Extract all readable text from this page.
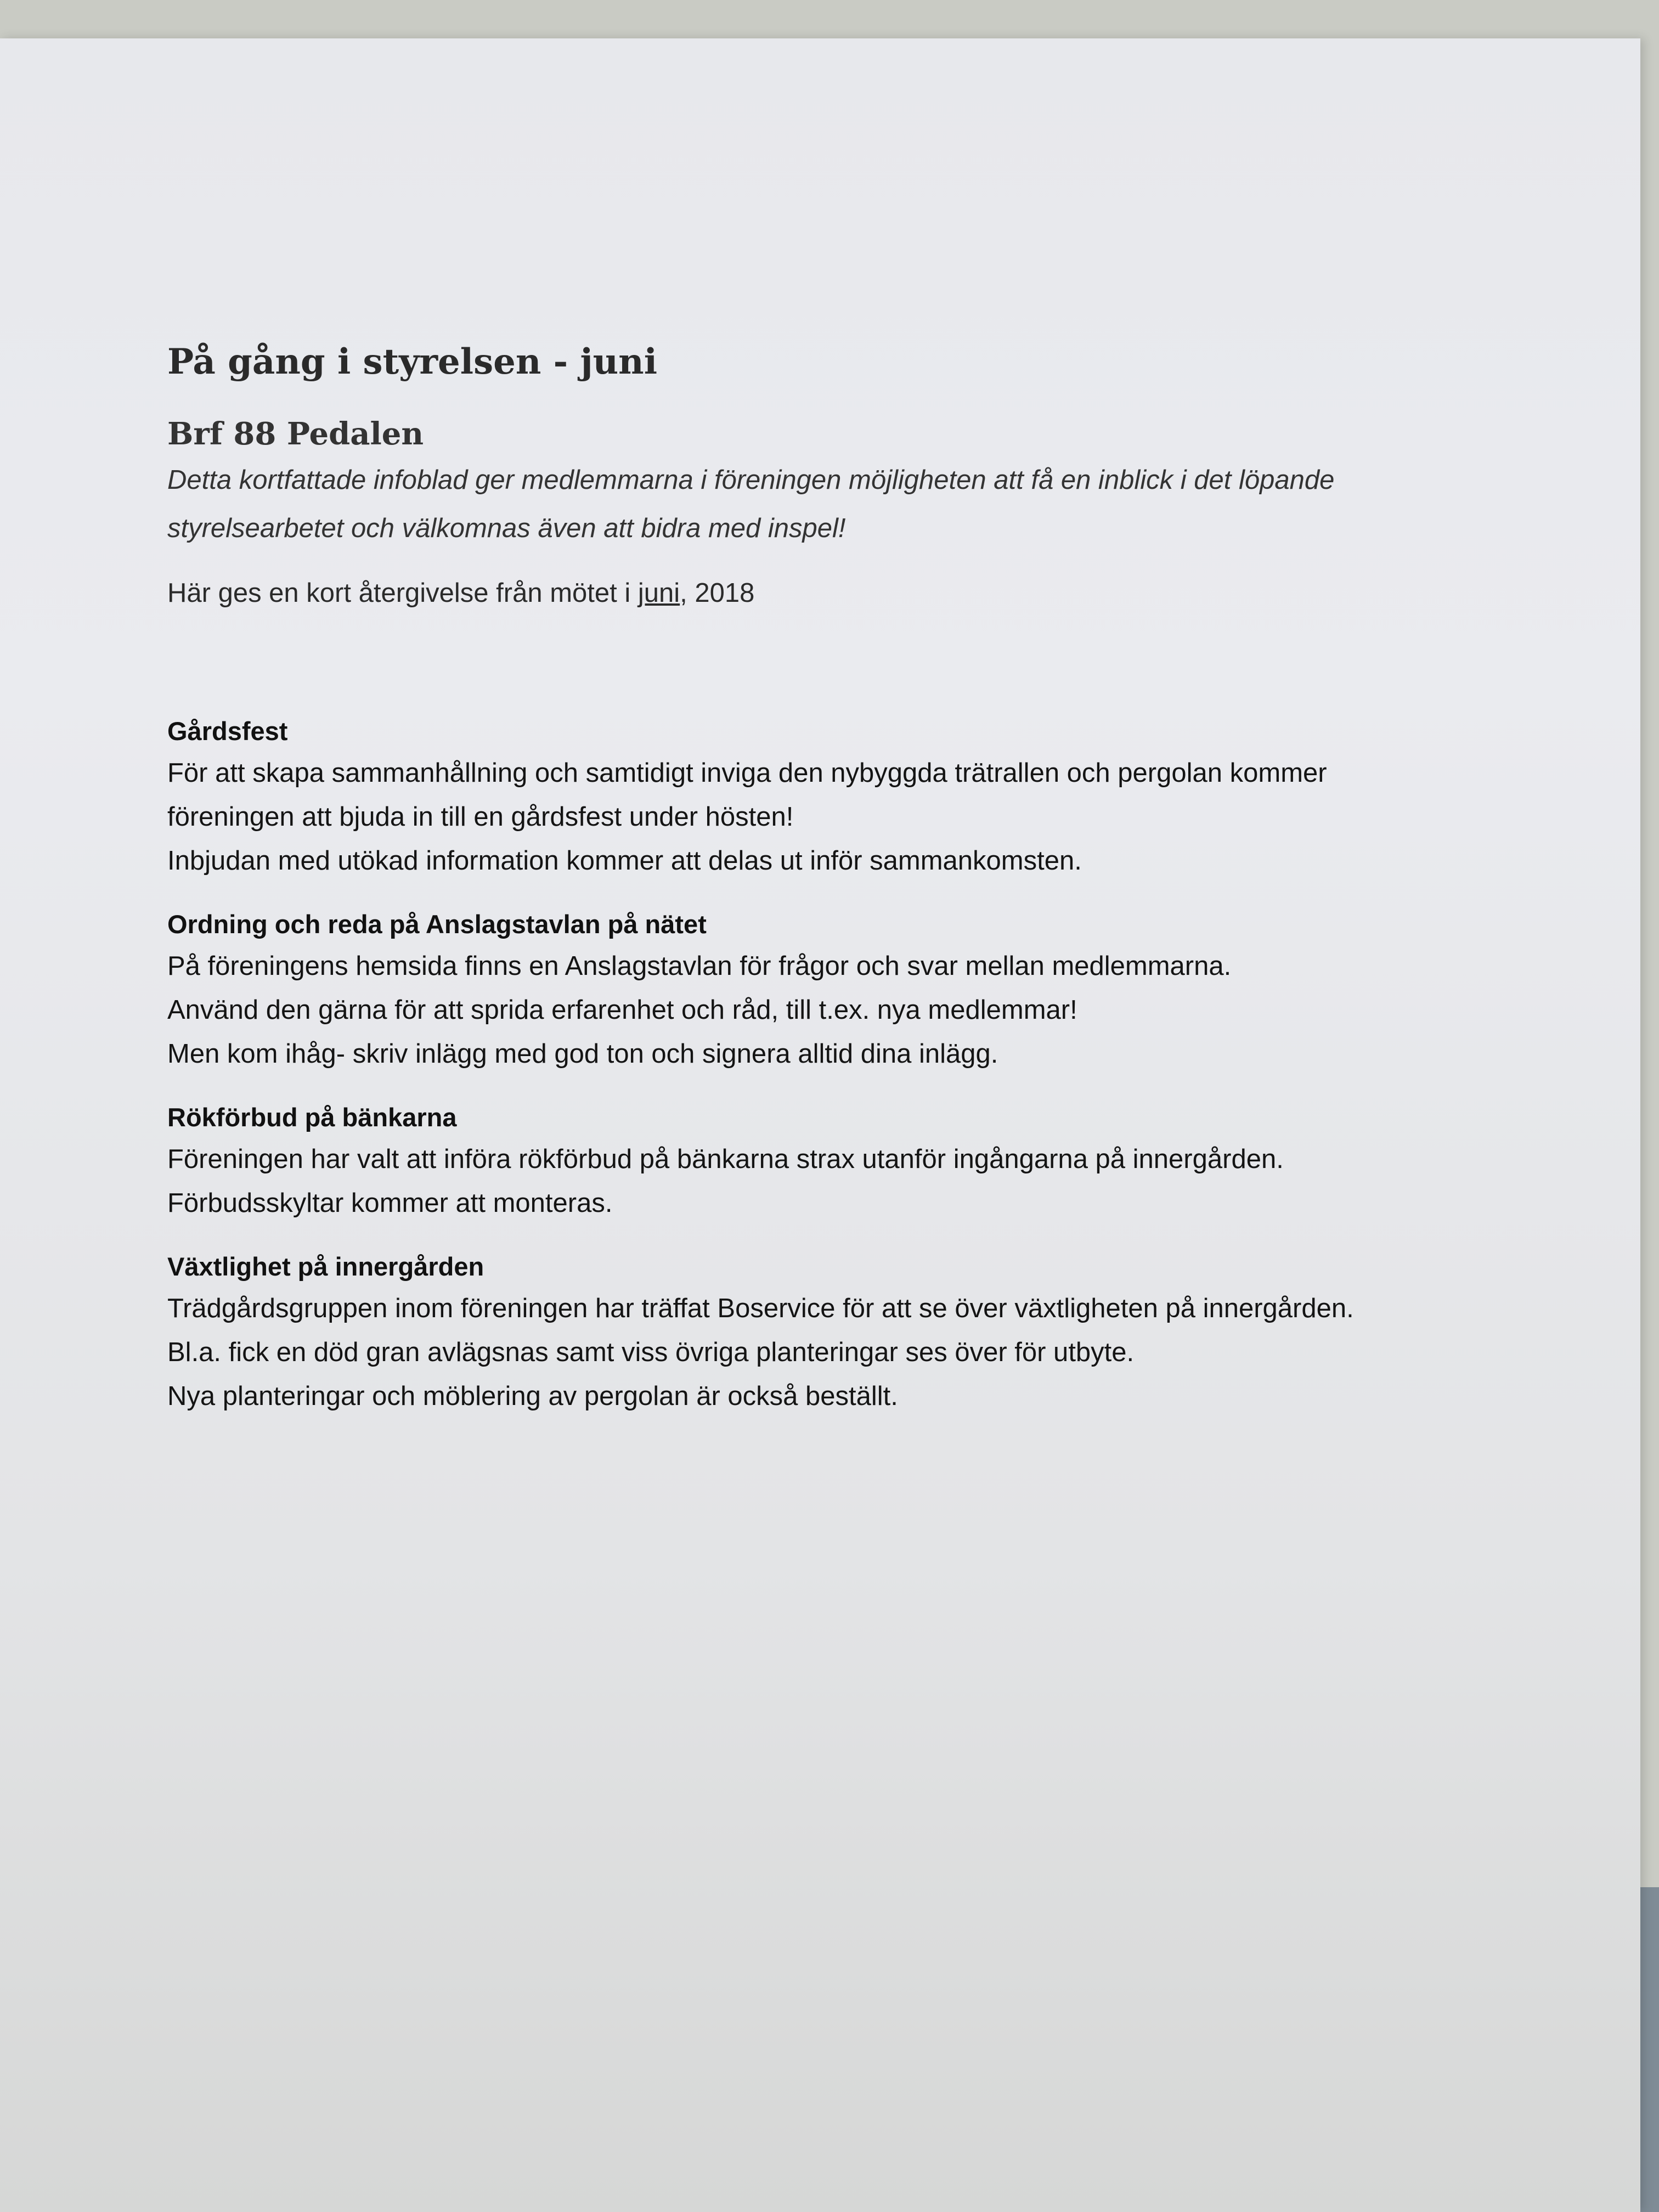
På gång i styrelsen - juni
Brf 88 Pedalen

Detta kortfattade infoblad ger medlemmarna i föreningen möjligheten att få en inblick i det löpande

styrelsearbetet och välkomnas även att bidra med inspel!

Här ges en kort återgivelse från mötet i juni, 2018

Gårdsfest

För att skapa sammanhållning och samtidigt inviga den nybyggda trätrallen och pergolan kommer

föreningen att bjuda in till en gårdsfest under hösten!

Inbjudan med utökad information kommer att delas ut inför sammankomsten.

Ordning och reda på Anslagstavlan på nätet

På föreningens hemsida finns en Anslagstavlan för frågor och svar mellan medlemmarna.

Använd den gärna för att sprida erfarenhet och råd, till t.ex. nya medlemmar!

Men kom ihåg- skriv inlägg med god ton och signera alltid dina inlägg.

Rökförbud på bänkarna

Föreningen har valt att införa rökförbud på bänkarna strax utanför ingångarna på innergården.

Förbudsskyltar kommer att monteras.

Växtlighet på innergården

Trädgårdsgruppen inom föreningen har träffat Boservice för att se över växtligheten på innergården.

Bl.a. fick en död gran avlägsnas samt viss övriga planteringar ses över för utbyte.

Nya planteringar och möblering av pergolan är också beställt.
